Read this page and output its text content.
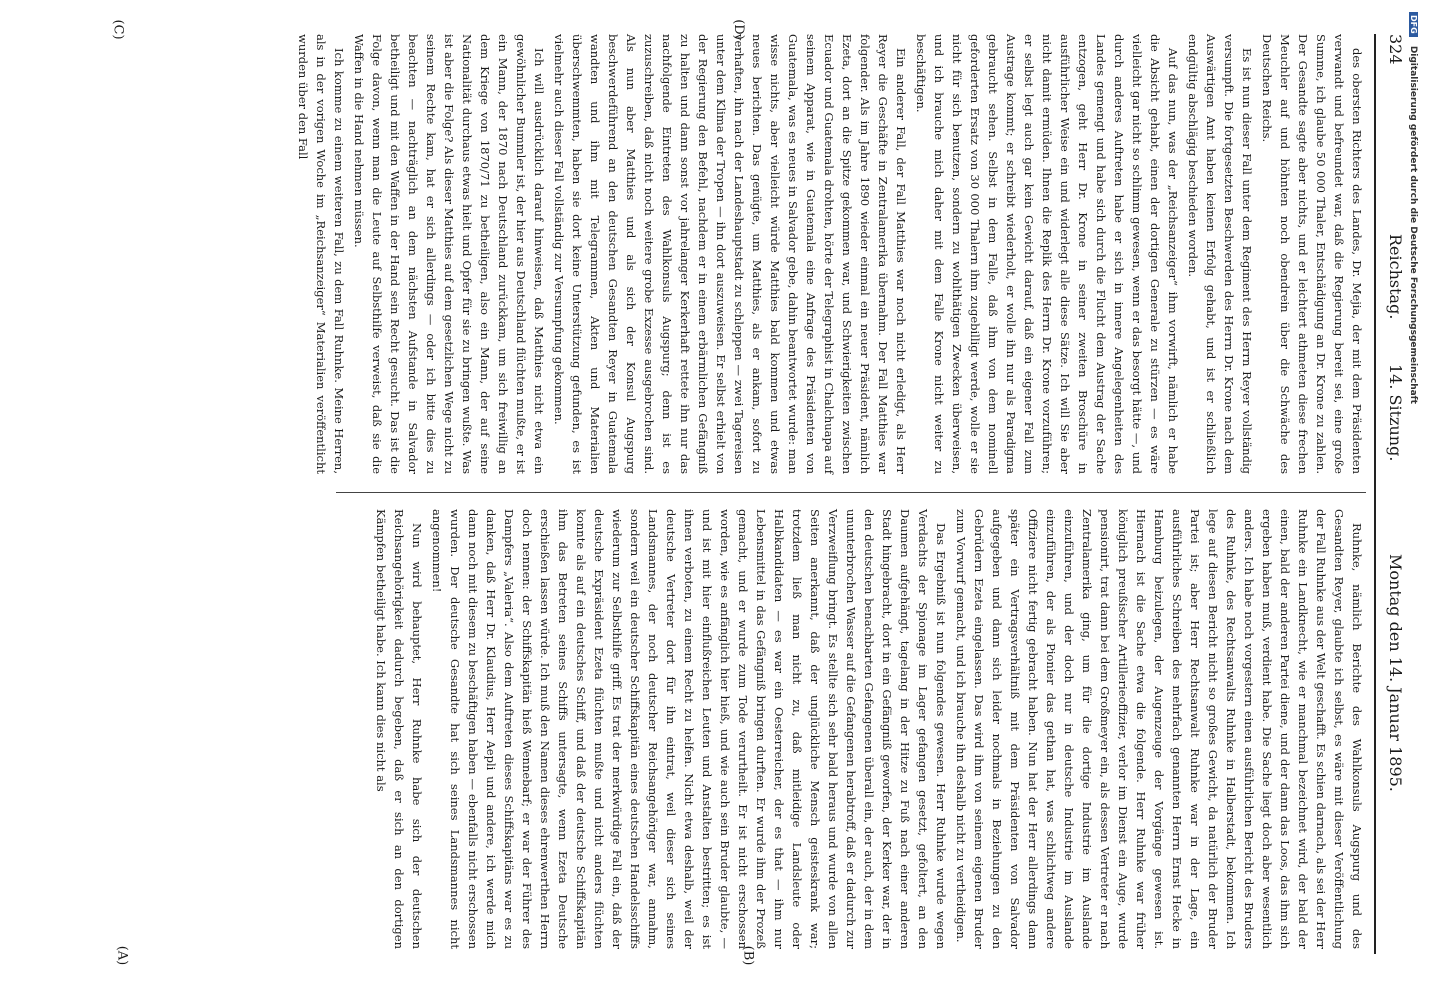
324
Reichstag.
14. Sitzung.
Montag den 14. Januar 1895.

des obersten Richters des Landes, Dr. Mejia, der mit dem Präsidenten verwandt und befreundet war, daß die Regierung bereit sei, eine große Summe, ich glaube 50 000 Thaler, Entschädigung an Dr. Krone zu zahlen. Der Gesandte sagte aber nichts, und er leichtert athmeten diese frechen Meuchler auf und höhnten noch obendrein über die Schwäche des Deutschen Reichs.

Es ist nun dieser Fall unter dem Regiment des Herrn Reyer vollständig versumpft. Die fortgesetzten Beschwerden des Herrn Dr. Krone nach dem Auswärtigen Amt haben keinen Erfolg gehabt, und ist er schließlich endgültig abschlägig beschieden worden.

Auf das nun, was der „Reichsanzeiger“ ihm vorwirft, nämlich er habe die Absicht gehabt, einen der dortigen Generale zu stürzen — es wäre vielleicht gar nicht so schlimm gewesen, wenn er das besorgt hätte —, und durch anderes Auftreten habe er sich in innere Angelegenheiten des Landes gemengt und habe sich durch die Flucht dem Austrag der Sache entzogen, geht Herr Dr. Krone in seiner zweiten Broschüre in ausführlicher Weise ein und widerlegt alle diese Sätze. Ich will Sie aber nicht damit ermüden. Ihnen die Replik des Herrn Dr. Krone vorzuführen; er selbst legt auch gar kein Gewicht darauf, daß ein eigener Fall zum Austrage kommt; er schreibt wiederholt, er wolle ihn nur als Paradigma gebraucht sehen. Selbst in dem Falle, daß ihm von dem nominell geforderten Ersatz von 30 000 Thalern ihm zugebilligt werde, wolle er sie nicht für sich benutzen, sondern zu wohlthätigen Zwecken überweisen, und ich brauche mich daher mit dem Falle Krone nicht weiter zu beschäftigen.

Ein anderer Fall, der Fall Matthies war noch nicht erledigt, als Herr Reyer die Geschäfte in Zentralamerika übernahm. Der Fall Matthies war folgender. Als im Jahre 1890 wieder einmal ein neuer Präsident, nämlich Ezeta, dort an die Spitze gekommen war, und Schwierigkeiten zwischen Ecuador und Guatemala drohten, hörte der Telegraphist in Chalchuapa auf seinem Apparat, wie in Guatemala eine Anfrage des Präsidenten von Guatemala, was es neues in Salvador gebe, dahin beantwortet wurde: man wisse nichts, aber vielleicht würde Matthies bald kommen und etwas neues berichten. Das genügte, um Matthies, als er ankam, sofort zu verhaften, ihn nach der Landeshauptstadt zu schleppen — zwei Tagereisen unter dem Klima der Tropen — ihn dort auszuweisen. Er selbst erhielt von der Regierung den Befehl, nachdem er in einem erbärmlichen Gefängniß zu halten und dann sonst vor jahrelanger Kerkerhaft rettete ihn nur das nachfolgende Eintreten des Wahlkonsuls Augspurg; denn ist es zuzuschreiben, daß nicht noch weitere grobe Exzesse ausgebrochen sind. Als nun aber Matthies und als sich der Konsul Augspurg beschwerdeführend an den deutschen Gesandten Reyer in Guatemala wandten und ihm mit Telegrammen, Akten und Materialien überschwemmten, haben sie dort keine Unterstützung gefunden, es ist vielmehr auch dieser Fall vollständig zur Versumpfung gekommen.

Ich will ausdrücklich darauf hinweisen, daß Matthies nicht etwa ein gewöhnlicher Bummler ist, der hier aus Deutschland flüchten mußte, er ist ein Mann, der 1870 nach Deutschland zurückkam, um sich freiwillig an dem Kriege von 1870/71 zu betheiligen, also ein Mann, der auf seine Nationalität durchaus etwas hielt und Opfer für sie zu bringen wußte. Was ist aber die Folge? Als dieser Matthies auf dem gesetzlichen Wege nicht zu seinem Rechte kam, hat er sich allerdings — oder ich bitte dies zu beachten — nachträglich an dem nächsten Aufstande in Salvador betheiligt und mit den Waffen in der Hand sein Recht gesucht. Das ist die Folge davon, wenn man die Leute auf Selbsthilfe verweist, daß sie die Waffen in die Hand nehmen müssen.

Ich komme zu einem weiteren Fall, zu dem Fall Ruhnke. Meine Herren, als in der vorigen Woche im „Reichsanzeiger“ Materialien veröffentlicht wurden über den Fall

Ruhnke, nämlich Berichte des Wahlkonsuls Augspurg und des Gesandten Reyer, glaubte ich selbst, es wäre mit dieser Veröffentlichung der Fall Ruhnke aus der Welt geschafft. Es schien darnach, als sei der Herr Ruhnke ein Landknecht, wie er manchmal bezeichnet wird, der bald der einen, bald der anderen Partei diene, und der dann das Loos, das ihm sich ergeben haben muß, verdient habe. Die Sache liegt doch aber wesentlich anders. Ich habe noch vorgestern einen ausführlichen Bericht des Bruders des Ruhnke, des Rechtsanwalts Ruhnke in Halberstadt, bekommen. Ich lege auf diesen Bericht nicht so großes Gewicht, da natürlich der Bruder Partei ist; aber Herr Rechtsanwalt Ruhnke war in der Lage, ein ausführliches Schreiben des mehrfach genannten Herrn Ernst Hecke in Hamburg beizulegen, der Augenzeuge der Vorgänge gewesen ist. Hiernach ist die Sache etwa die folgende. Herr Ruhnke war früher königlich preußischer Artillerieoffizier, verlor im Dienst ein Auge, wurde pensionirt, trat dann bei dem Großmeyer ein, als dessen Vertreter er nach Zentralamerika ging, um für die dortige Industrie im Auslande einzuführen, und der doch nur in deutsche Industrie im Auslande einzuführen, der als Pionier das gethan hat, was schlichtweg andere Offiziere nicht fertig gebracht haben. Nun hat der Herr allerdings dann später ein Vertragsverhältniß mit dem Präsidenten von Salvador aufgegeben und dann sich leider nochmals in Beziehungen zu den Gebrüdern Ezeta eingelassen. Das wird ihm von seinem eigenen Bruder zum Vorwurf gemacht, und ich brauche ihn deshalb nicht zu vertheidigen.

Das Ergebniß ist nun folgendes gewesen. Herr Ruhnke wurde wegen Verdachts der Spionage im Lager gefangen gesetzt, gefoltert, an den Daumen aufgehängt, tagelang in der Hitze zu Fuß nach einer anderen Stadt hingebracht, dort in ein Gefängniß geworfen, der Kerker war, der in den deutschen benachbarten Gefangenen überall ein, der auch, der in dem ununterbrochen Wasser auf die Gefangenen herabtroff, daß er dadurch zur Verzweiflung bringt. Es stellte sich sehr bald heraus und wurde von allen Seiten anerkannt, daß der unglückliche Mensch geisteskrank war; trotzdem ließ man nicht zu, daß mitleidige Landsleute oder Halbkandidaten — es war ein Oesterreicher, der es that — ihm nur Lebensmittel in das Gefängniß bringen durften. Er wurde ihm der Prozeß gemacht, und er wurde zum Tode verurtheilt. Er ist nicht erschossen worden, wie es anfänglich hier hieß, und wie auch sein Bruder glaubte, — und ist mit hier einflußreichen Leuten und Anstalten bestritten; es ist ihnen verboten, zu einem Recht zu helfen. Nicht etwa deshalb, weil der deutsche Vertreter dort für ihn eintrat, weil dieser sich seines Landsmannes, der noch deutscher Reichsangehöriger war, annahm, sondern weil ein deutscher Schiffskapitän eines deutschen Handelsschiffs wiederum zur Selbsthilfe griff. Es trat der merkwürdige Fall ein, daß der deutsche Expräsident Ezeta flüchten mußte und nicht anders flüchten konnte als auf ein deutsches Schiff, und daß der deutsche Schiffskapitän ihm das Betreten seines Schiffs untersagte, wenn Ezeta Deutsche erschießen lassen würde. Ich muß den Namen dieses ehrenwerthen Herrn doch nennen: der Schiffskapitän hieß Wennebarf; er war der Führer des Dampfers „Valeria“. Also dem Auftreten dieses Schiffskapitäns war es zu danken, daß Herr Dr. Klaudius, Herr Aepli und andere, ich werde mich dann noch mit diesem zu beschäftigen haben — ebenfalls nicht erschossen wurden. Der deutsche Gesandte hat sich seines Landsmannes nicht angenommen!

Nun wird behauptet, Herr Ruhnke habe sich der deutschen Reichsangehörigkeit dadurch begeben, daß er sich an den dortigen Kämpfen betheiligt habe. Ich kann dies nicht als

(A)	(B)
(C)	(D)	DFG Digitalisierung gefördert durch die Deutsche Forschungsgemeinschaft
